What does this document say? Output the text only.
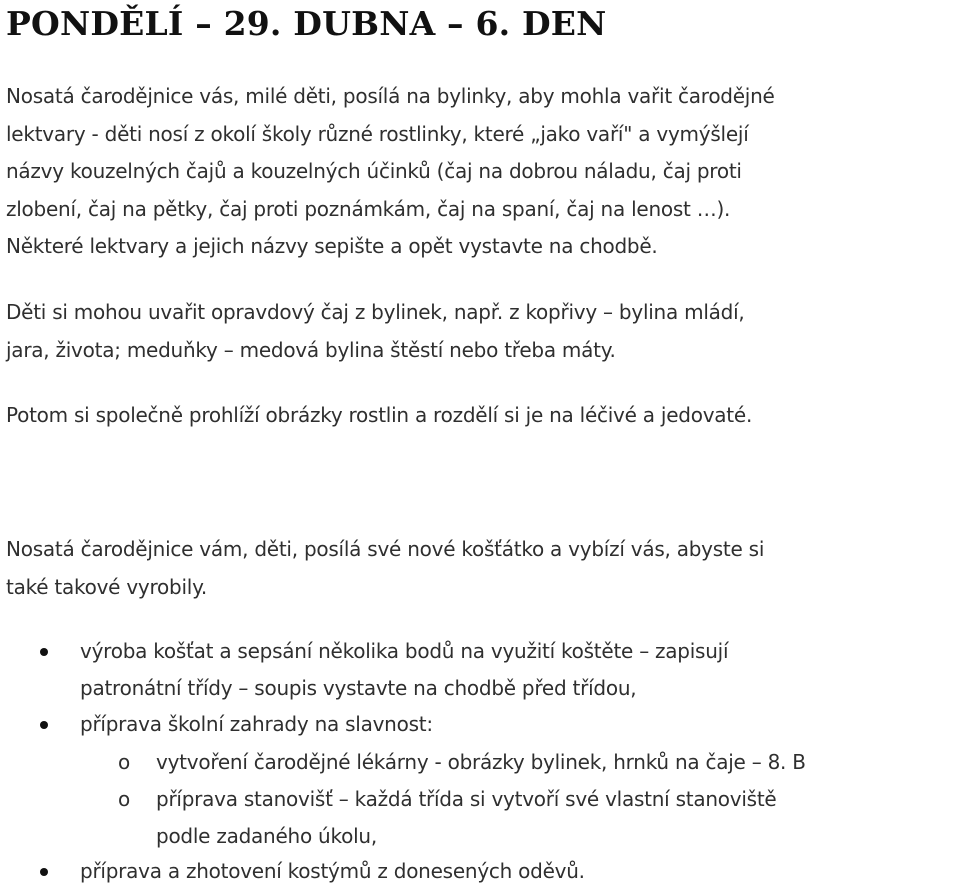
PONDĚLÍ – 29. DUBNA – 6. DEN
Nosatá čarodějnice vás, milé děti, posílá na bylinky, aby mohla vařit čarodějné
lektvary - děti nosí z okolí školy různé rostlinky, které „jako vaří" a vymýšlejí
názvy kouzelných čajů a kouzelných účinků (čaj na dobrou náladu, čaj proti
zlobení, čaj na pětky, čaj proti poznámkám, čaj na spaní, čaj na lenost …).
Některé lektvary a jejich názvy sepište a opět vystavte na chodbě.
Děti si mohou uvařit opravdový čaj z bylinek, např. z kopřivy – bylina mládí,
jara, života; meduňky – medová bylina štěstí nebo třeba máty.
Potom si společně prohlíží obrázky rostlin a rozdělí si je na léčivé a jedovaté.
Nosatá čarodějnice vám, děti, posílá své nové košťátko a vybízí vás, abyste si
také takové vyrobily.
výroba košťat a sepsání několika bodů na využití koštěte – zapisují
patronátní třídy – soupis vystavte na chodbě před třídou,
příprava školní zahrady na slavnost:
o vytvoření čarodějné lékárny - obrázky bylinek, hrnků na čaje – 8. B
o příprava stanovišť – každá třída si vytvoří své vlastní stanoviště
podle zadaného úkolu,
příprava a zhotovení kostýmů z donesených oděvů.
